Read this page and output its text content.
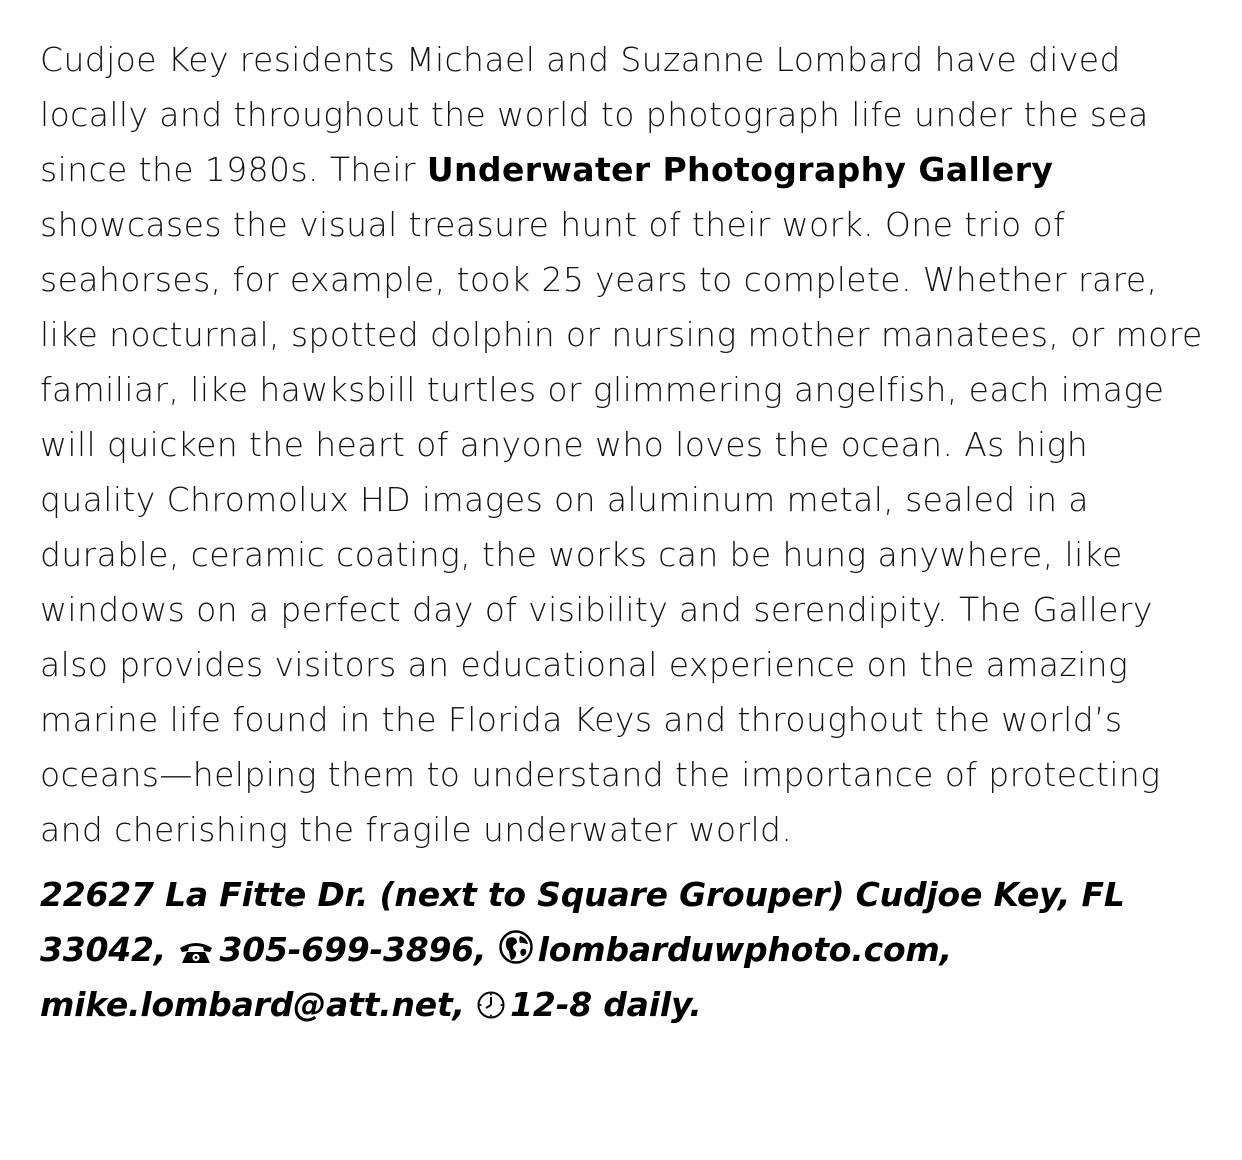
Cudjoe Key residents Michael and Suzanne Lombard have dived locally and throughout the world to photograph life under the sea since the 1980s. Their Underwater Photography Gallery showcases the visual treasure hunt of their work. One trio of seahorses, for example, took 25 years to complete. Whether rare, like nocturnal, spotted dolphin or nursing mother manatees, or more familiar, like hawksbill turtles or glimmering angelfish, each image will quicken the heart of anyone who loves the ocean. As high quality Chromolux HD images on aluminum metal, sealed in a durable, ceramic coating, the works can be hung anywhere, like windows on a perfect day of visibility and serendipity. The Gallery also provides visitors an educational experience on the amazing marine life found in the Florida Keys and throughout the world’s oceans—helping them to understand the importance of protecting and cherishing the fragile underwater world.

22627 La Fitte Dr. (next to Square Grouper) Cudjoe Key, FL 33042,
305-699-3896,
lombarduwphoto.com, mike.lombard@att.net,
12-8 daily.
